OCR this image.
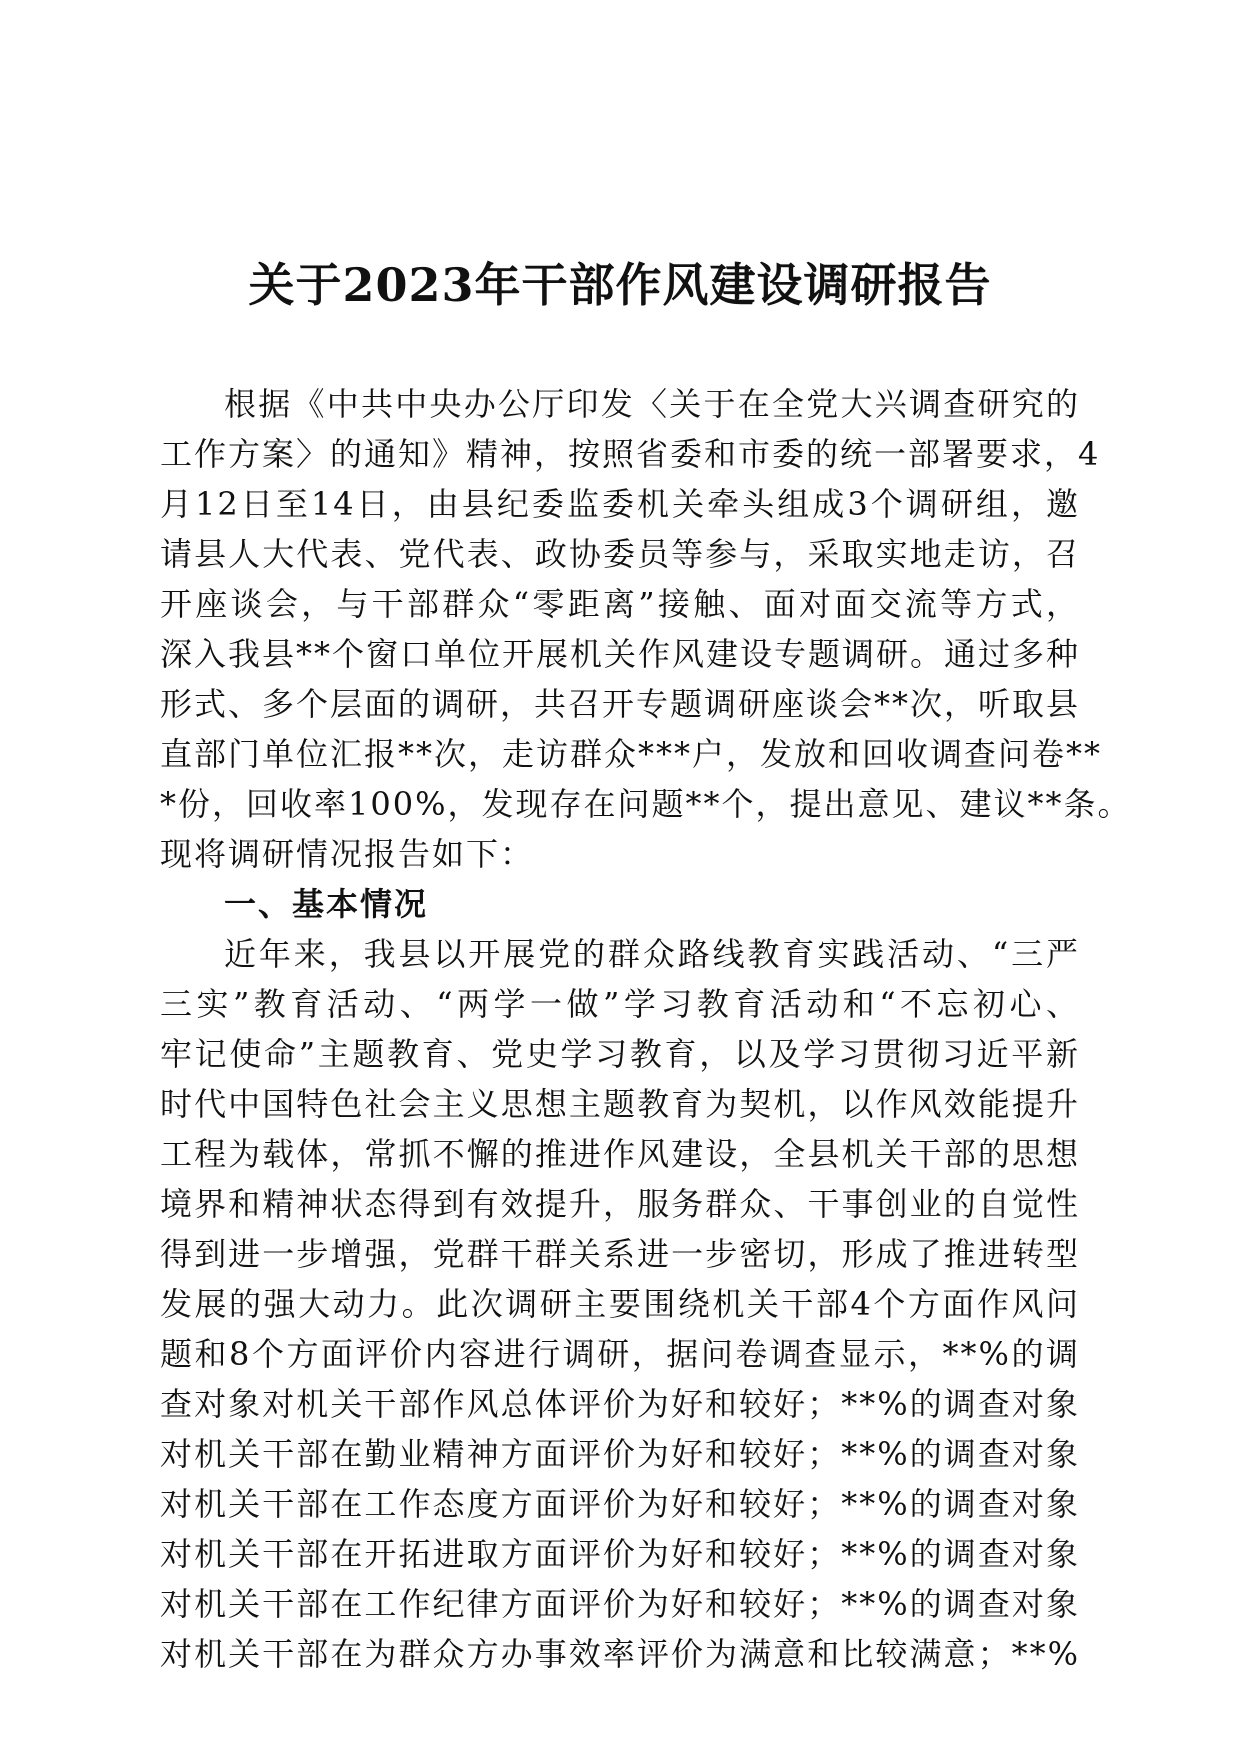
关于2023年干部作风建设调研报告
根据《中共中央办公厅印发〈关于在全党大兴调查研究的
工作方案〉的通知》精神，按照省委和市委的统一部署要求，4
月12日至14日，由县纪委监委机关牵头组成3个调研组，邀
请县人大代表、党代表、政协委员等参与，采取实地走访，召
开座谈会，与干部群众“零距离”接触、面对面交流等方式，
深入我县**个窗口单位开展机关作风建设专题调研。通过多种
形式、多个层面的调研，共召开专题调研座谈会**次，听取县
直部门单位汇报**次，走访群众***户，发放和回收调查问卷**
*份，回收率100%，发现存在问题**个，提出意见、建议**条。
现将调研情况报告如下：
一、基本情况
近年来，我县以开展党的群众路线教育实践活动、“三严
三实”教育活动、“两学一做”学习教育活动和“不忘初心、
牢记使命”主题教育、党史学习教育，以及学习贯彻习近平新
时代中国特色社会主义思想主题教育为契机，以作风效能提升
工程为载体，常抓不懈的推进作风建设，全县机关干部的思想
境界和精神状态得到有效提升，服务群众、干事创业的自觉性
得到进一步增强，党群干群关系进一步密切，形成了推进转型
发展的强大动力。此次调研主要围绕机关干部4个方面作风问
题和8个方面评价内容进行调研，据问卷调查显示，**%的调
查对象对机关干部作风总体评价为好和较好；**%的调查对象
对机关干部在勤业精神方面评价为好和较好；**%的调查对象
对机关干部在工作态度方面评价为好和较好；**%的调查对象
对机关干部在开拓进取方面评价为好和较好；**%的调查对象
对机关干部在工作纪律方面评价为好和较好；**%的调查对象
对机关干部在为群众方办事效率评价为满意和比较满意；**%
